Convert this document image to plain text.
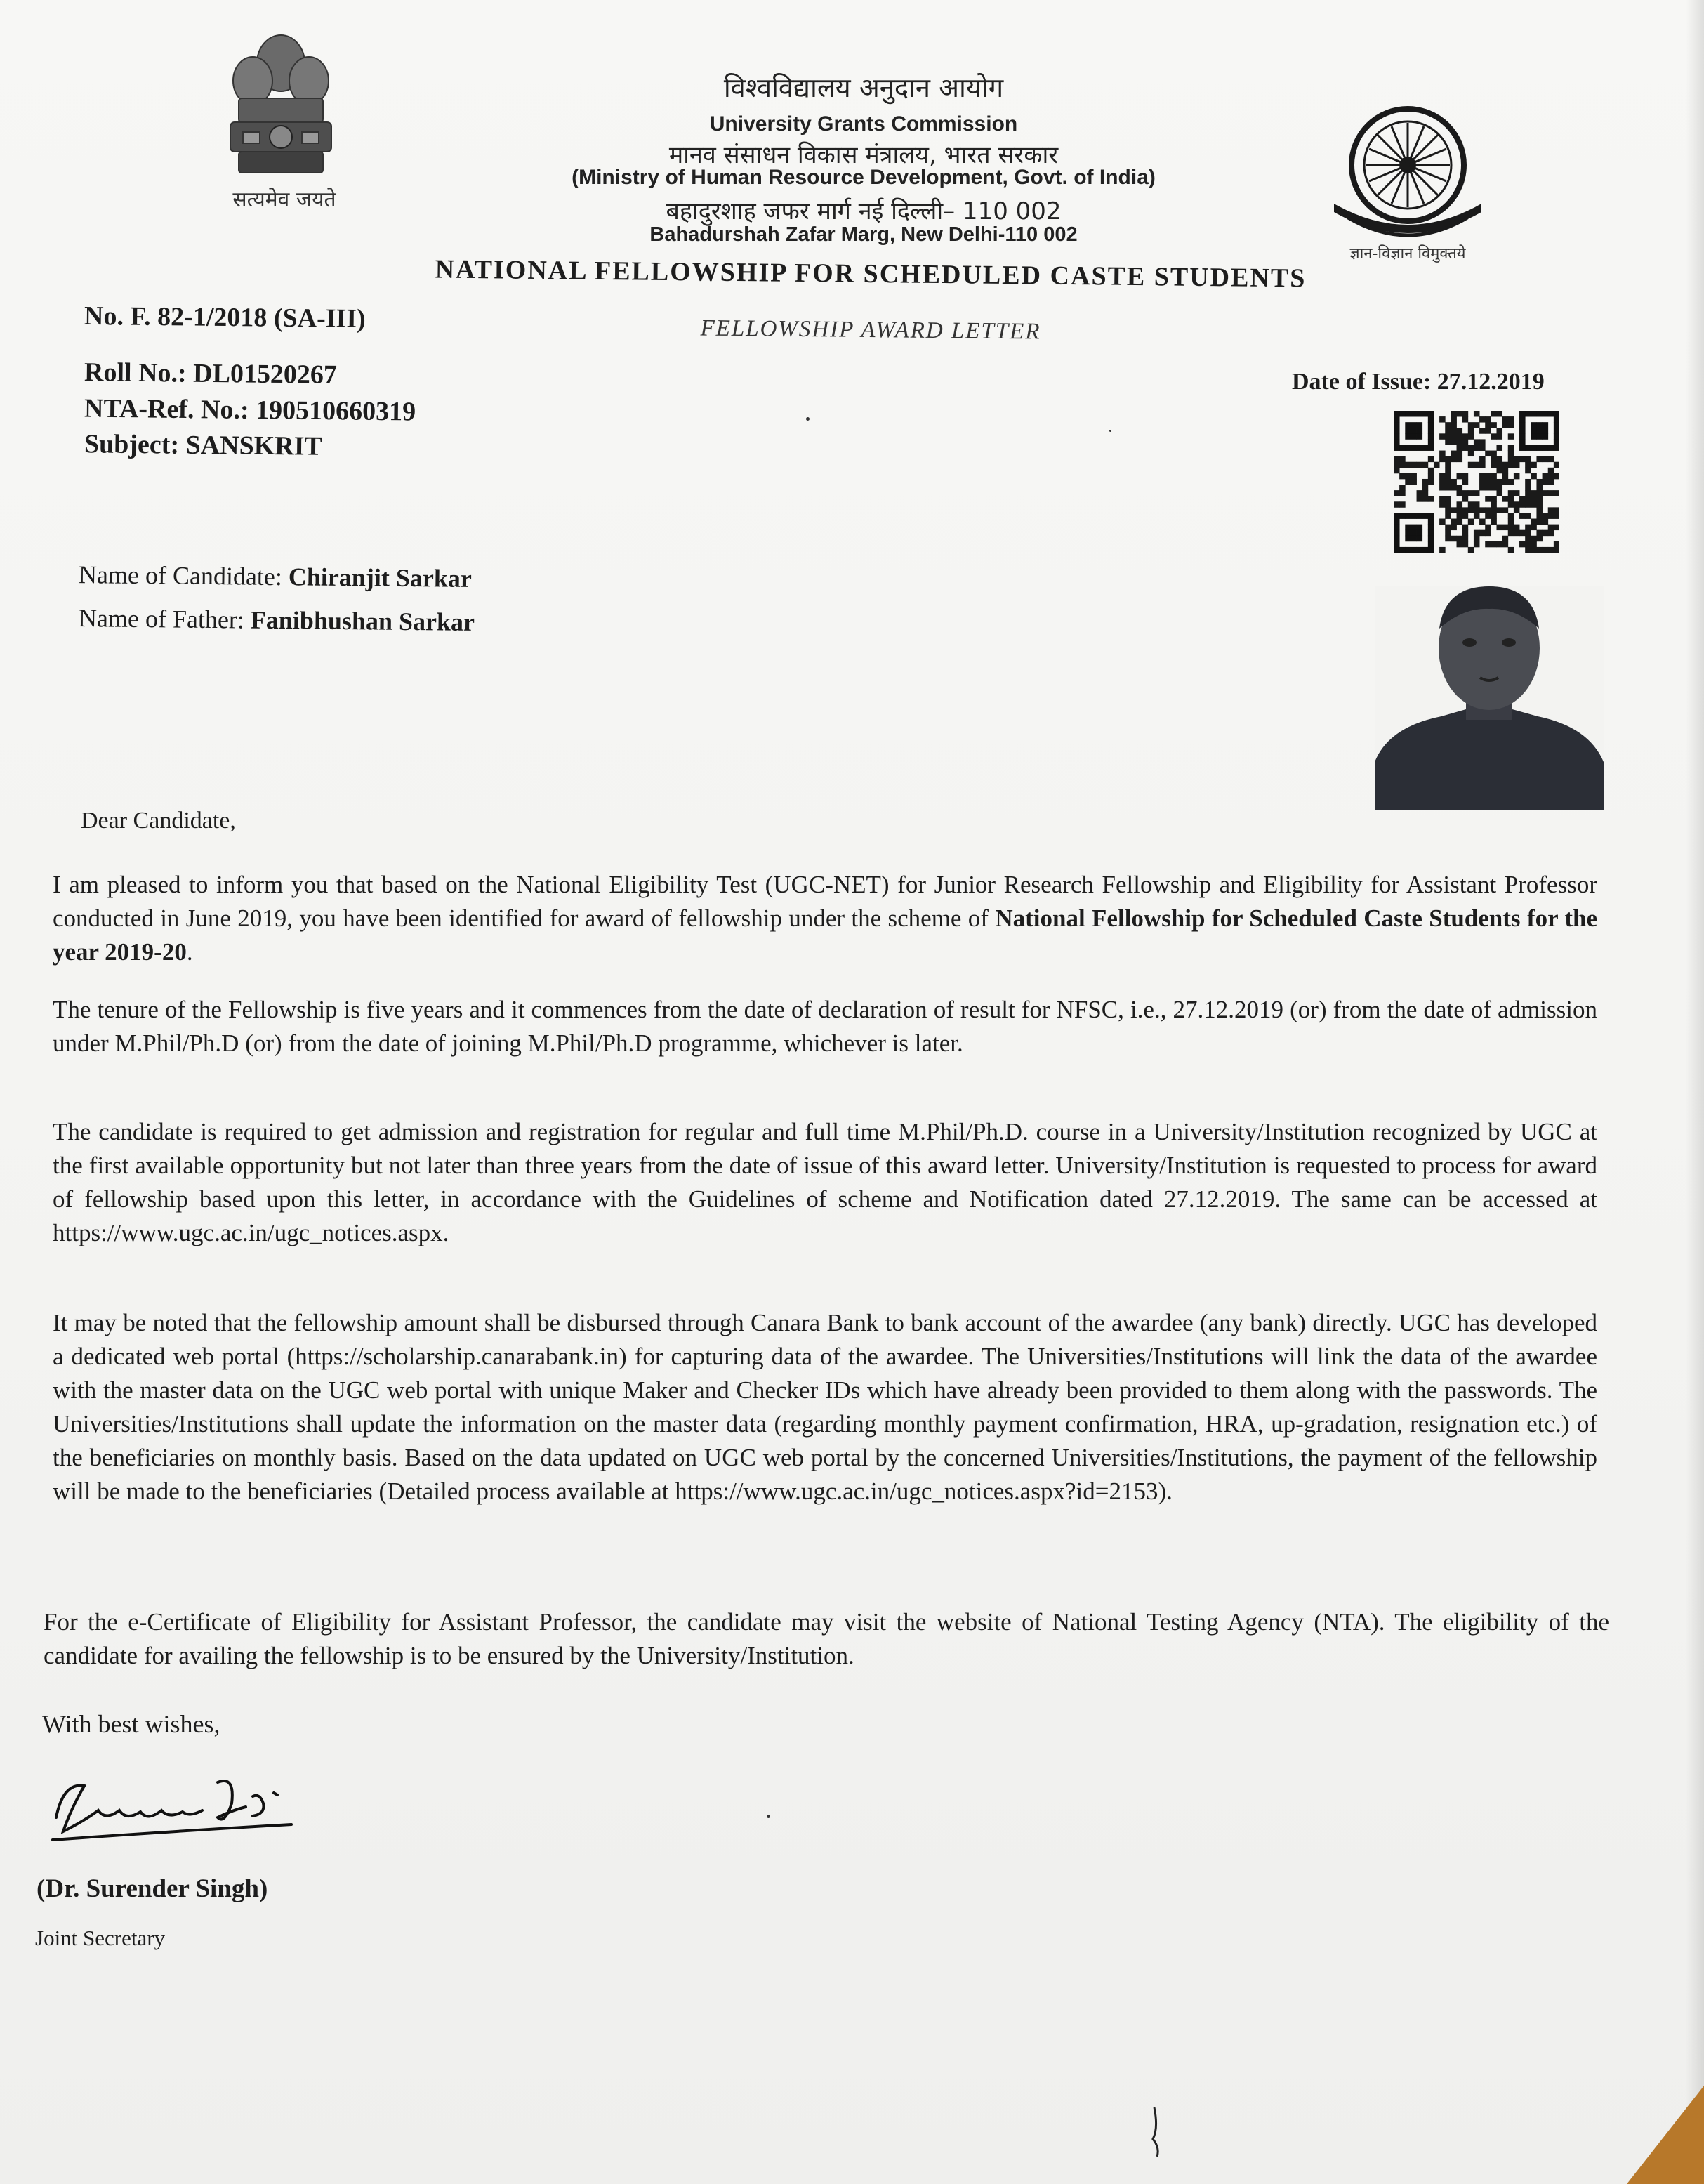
सत्यमेव जयते
विश्वविद्यालय अनुदान आयोग
University Grants Commission
मानव संसाधन विकास मंत्रालय, भारत सरकार
(Ministry of Human Resource Development, Govt. of India)
बहादुरशाह जफर मार्ग नई दिल्ली– 110 002
Bahadurshah Zafar Marg, New Delhi-110 002
ज्ञान-विज्ञान विमुक्तये
NATIONAL FELLOWSHIP FOR SCHEDULED CASTE STUDENTS
FELLOWSHIP AWARD LETTER
No. F. 82-1/2018 (SA-III)
Roll No.: DL01520267
NTA-Ref. No.: 190510660319
Subject: SANSKRIT
Date of Issue: 27.12.2019
Name of Candidate: Chiranjit Sarkar
Name of Father: Fanibhushan Sarkar
Dear Candidate,
I am pleased to inform you that based on the National Eligibility Test (UGC-NET) for Junior Research Fellowship and Eligibility for Assistant Professor conducted in June 2019, you have been identified for award of fellowship under the scheme of National Fellowship for Scheduled Caste Students for the year 2019-20.
The tenure of the Fellowship is five years and it commences from the date of declaration of result for NFSC, i.e., 27.12.2019 (or) from the date of admission under M.Phil/Ph.D (or) from the date of joining M.Phil/Ph.D programme, whichever is later.
The candidate is required to get admission and registration for regular and full time M.Phil/Ph.D. course in a University/Institution recognized by UGC at the first available opportunity but not later than three years from the date of issue of this award letter. University/Institution is requested to process for award of fellowship based upon this letter, in accordance with the Guidelines of scheme and Notification dated 27.12.2019. The same can be accessed at https://www.ugc.ac.in/ugc_notices.aspx.
It may be noted that the fellowship amount shall be disbursed through Canara Bank to bank account of the awardee (any bank) directly. UGC has developed a dedicated web portal (https://scholarship.canarabank.in) for capturing data of the awardee. The Universities/Institutions will link the data of the awardee with the master data on the UGC web portal with unique Maker and Checker IDs which have already been provided to them along with the passwords. The Universities/Institutions shall update the information on the master data (regarding monthly payment confirmation, HRA, up-gradation, resignation etc.) of the beneficiaries on monthly basis. Based on the data updated on UGC web portal by the concerned Universities/Institutions, the payment of the fellowship will be made to the beneficiaries (Detailed process available at https://www.ugc.ac.in/ugc_notices.aspx?id=2153).
For the e-Certificate of Eligibility for Assistant Professor, the candidate may visit the website of National Testing Agency (NTA). The eligibility of the candidate for availing the fellowship is to be ensured by the University/Institution.
With best wishes,
(Dr. Surender Singh)
Joint Secretary
